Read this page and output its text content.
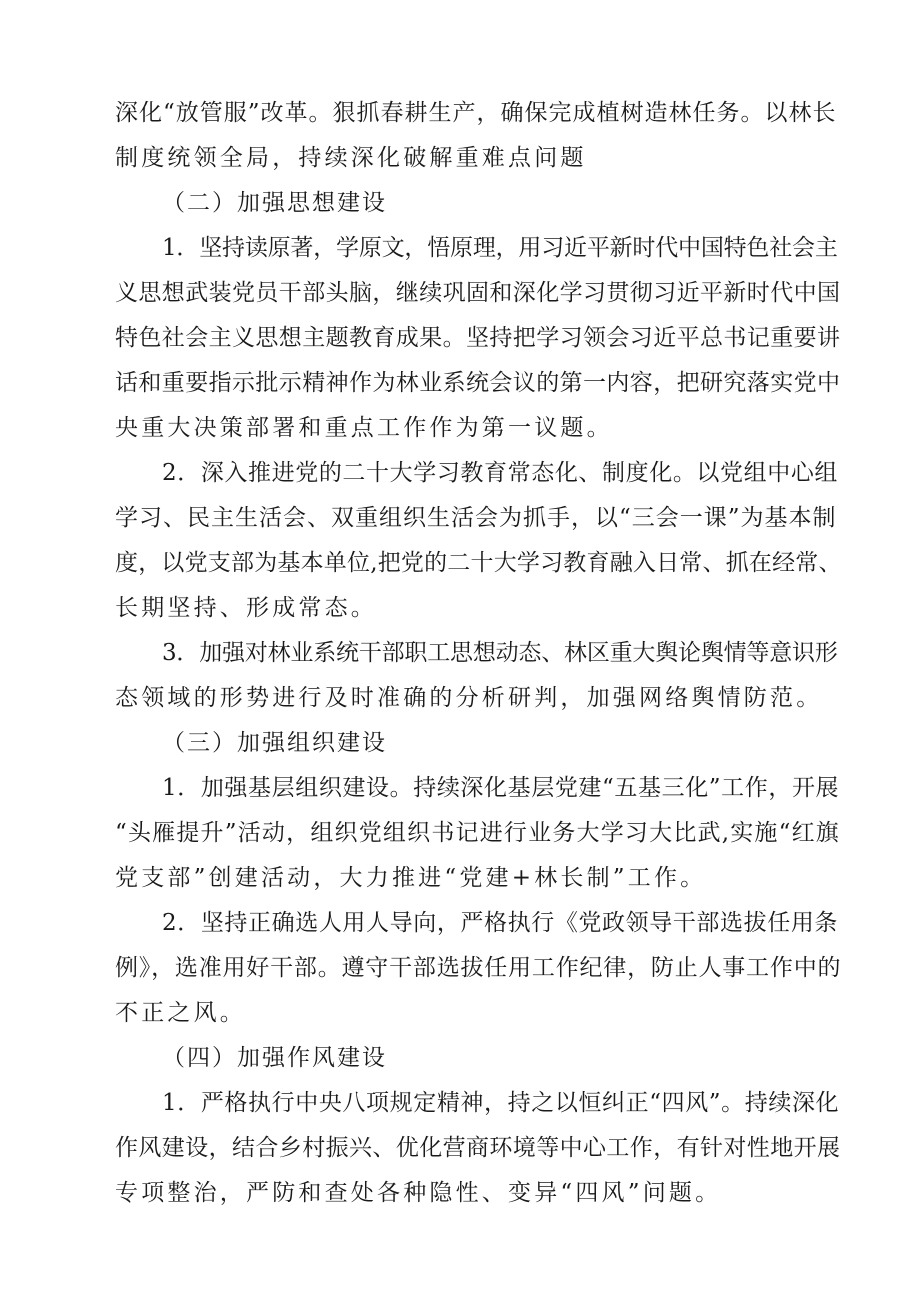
深化“放管服”改革。狠抓春耕生产，确保完成植树造林任务。以林长
制度统领全局，持续深化破解重难点问题
（二）加强思想建设
1．坚持读原著，学原文，悟原理，用习近平新时代中国特色社会主
义思想武装党员干部头脑，继续巩固和深化学习贯彻习近平新时代中国
特色社会主义思想主题教育成果。坚持把学习领会习近平总书记重要讲
话和重要指示批示精神作为林业系统会议的第一内容，把研究落实党中
央重大决策部署和重点工作作为第一议题。
2．深入推进党的二十大学习教育常态化、制度化。以党组中心组
学习、民主生活会、双重组织生活会为抓手，以“三会一课”为基本制
度，以党支部为基本单位,把党的二十大学习教育融入日常、抓在经常、
长期坚持、形成常态。
3．加强对林业系统干部职工思想动态、林区重大舆论舆情等意识形
态领域的形势进行及时准确的分析研判，加强网络舆情防范。
（三）加强组织建设
1．加强基层组织建设。持续深化基层党建“五基三化”工作，开展
“头雁提升”活动，组织党组织书记进行业务大学习大比武,实施“红旗
党支部”创建活动，大力推进“党建+林长制”工作。
2．坚持正确选人用人导向，严格执行《党政领导干部选拔任用条
例》，选准用好干部。遵守干部选拔任用工作纪律，防止人事工作中的
不正之风。
（四）加强作风建设
1．严格执行中央八项规定精神，持之以恒纠正“四风”。持续深化
作风建设，结合乡村振兴、优化营商环境等中心工作，有针对性地开展
专项整治，严防和查处各种隐性、变异“四风”问题。
